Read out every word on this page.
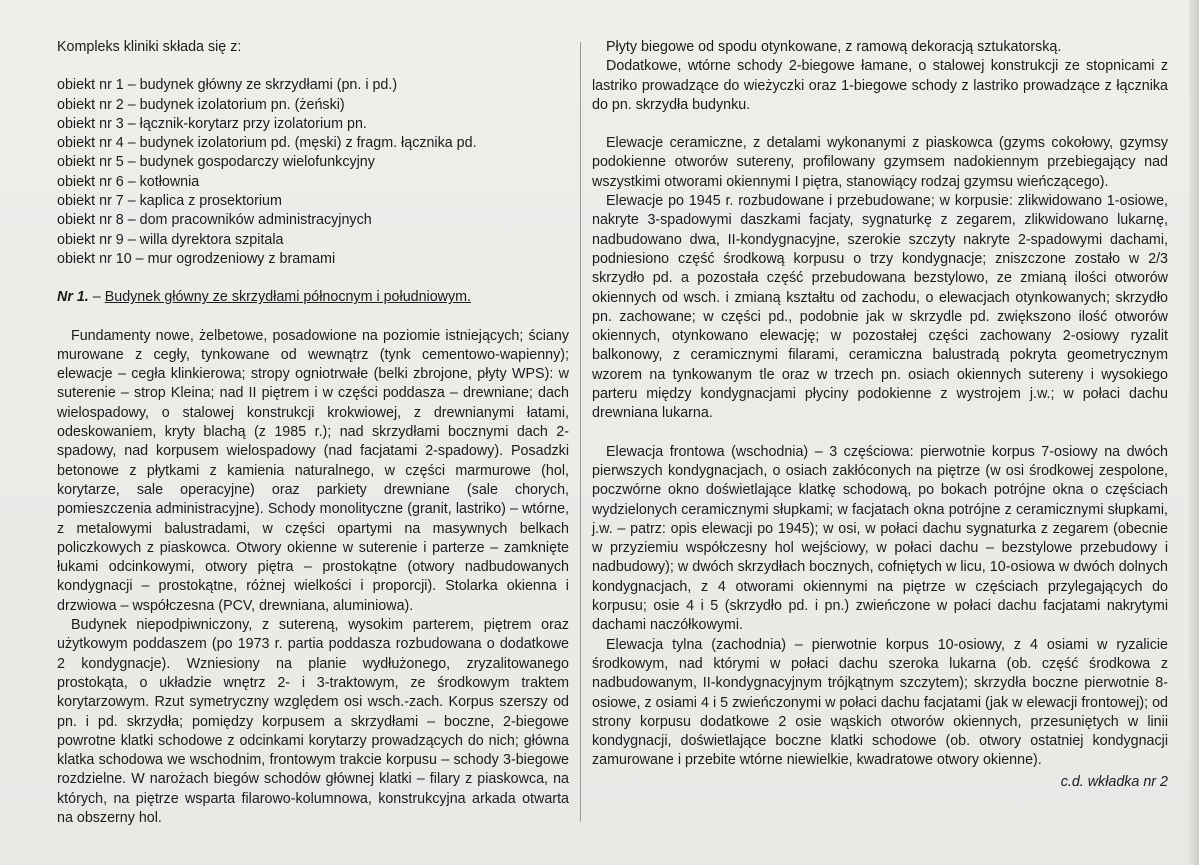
Kompleks kliniki składa się z:

obiekt nr 1 – budynek główny ze skrzydłami (pn. i pd.)

obiekt nr 2 – budynek izolatorium pn. (żeński)

obiekt nr 3 – łącznik-korytarz przy izolatorium pn.

obiekt nr 4 – budynek izolatorium pd. (męski) z fragm. łącznika pd.

obiekt nr 5 – budynek gospodarczy wielofunkcyjny

obiekt nr 6 – kotłownia

obiekt nr 7 – kaplica z prosektorium

obiekt nr 8 – dom pracowników administracyjnych

obiekt nr 9 – willa dyrektora szpitala

obiekt nr 10 – mur ogrodzeniowy z bramami

Nr 1. – Budynek główny ze skrzydłami północnym i południowym.

Fundamenty nowe, żelbetowe, posadowione na poziomie istniejących; ściany murowane z cegły, tynkowane od wewnątrz (tynk cementowo-wapienny); elewacje – cegła klinkierowa; stropy ogniotrwałe (belki zbrojone, płyty WPS): w suterenie – strop Kleina; nad II piętrem i w części poddasza – drewniane; dach wielospadowy, o stalowej konstrukcji krokwiowej, z drewnianymi łatami, odeskowaniem, kryty blachą (z 1985 r.); nad skrzydłami bocznymi dach 2-spadowy, nad korpusem wielospadowy (nad facjatami 2-spadowy). Posadzki betonowe z płytkami z kamienia naturalnego, w części marmurowe (hol, korytarze, sale operacyjne) oraz parkiety drewniane (sale chorych, pomieszczenia administracyjne). Schody monolityczne (granit, lastriko) – wtórne, z metalowymi balustradami, w części opartymi na masywnych belkach policzkowych z piaskowca. Otwory okienne w suterenie i parterze – zamknięte łukami odcinkowymi, otwory piętra – prostokątne (otwory nadbudowanych kondygnacji – prostokątne, różnej wielkości i proporcji). Stolarka okienna i drzwiowa – współczesna (PCV, drewniana, aluminiowa).

Budynek niepodpiwniczony, z sutereną, wysokim parterem, piętrem oraz użytkowym poddaszem (po 1973 r. partia poddasza rozbudowana o dodatkowe 2 kondygnacje). Wzniesiony na planie wydłużonego, zryzalitowanego prostokąta, o układzie wnętrz 2- i 3-traktowym, ze środkowym traktem korytarzowym. Rzut symetryczny względem osi wsch.-zach. Korpus szerszy od pn. i pd. skrzydła; pomiędzy korpusem a skrzydłami – boczne, 2-biegowe powrotne klatki schodowe z odcinkami korytarzy prowadzących do nich; główna klatka schodowa we wschodnim, frontowym trakcie korpusu – schody 3-biegowe rozdzielne. W narożach biegów schodów głównej klatki – filary z piaskowca, na których, na piętrze wsparta filarowo-kolumnowa, konstrukcyjna arkada otwarta na obszerny hol.

Płyty biegowe od spodu otynkowane, z ramową dekoracją sztukatorską.

Dodatkowe, wtórne schody 2-biegowe łamane, o stalowej konstrukcji ze stopnicami z lastriko prowadzące do wieżyczki oraz 1-biegowe schody z lastriko prowadzące z łącznika do pn. skrzydła budynku.

Elewacje ceramiczne, z detalami wykonanymi z piaskowca (gzyms cokołowy, gzymsy podokienne otworów sutereny, profilowany gzymsem nadokiennym przebiegający nad wszystkimi otworami okiennymi I piętra, stanowiący rodzaj gzymsu wieńczącego).

Elewacje po 1945 r. rozbudowane i przebudowane; w korpusie: zlikwidowano 1-osiowe, nakryte 3-spadowymi daszkami facjaty, sygnaturkę z zegarem, zlikwidowano lukarnę, nadbudowano dwa, II-kondygnacyjne, szerokie szczyty nakryte 2-spadowymi dachami, podniesiono część środkową korpusu o trzy kondygnacje; zniszczone zostało w 2/3 skrzydło pd. a pozostała część przebudowana bezstylowo, ze zmianą ilości otworów okiennych od wsch. i zmianą kształtu od zachodu, o elewacjach otynkowanych; skrzydło pn. zachowane; w części pd., podobnie jak w skrzydle pd. zwiększono ilość otworów okiennych, otynkowano elewację; w pozostałej części zachowany 2-osiowy ryzalit balkonowy, z ceramicznymi filarami, ceramiczna balustradą pokryta geometrycznym wzorem na tynkowanym tle oraz w trzech pn. osiach okiennych sutereny i wysokiego parteru między kondygnacjami płyciny podokienne z wystrojem j.w.; w połaci dachu drewniana lukarna.

Elewacja frontowa (wschodnia) – 3 częściowa: pierwotnie korpus 7-osiowy na dwóch pierwszych kondygnacjach, o osiach zakłóconych na piętrze (w osi środkowej zespolone, poczwórne okno doświetlające klatkę schodową, po bokach potrójne okna o częściach wydzielonych ceramicznymi słupkami; w facjatach okna potrójne z ceramicznymi słupkami, j.w. – patrz: opis elewacji po 1945); w osi, w połaci dachu sygnaturka z zegarem (obecnie w przyziemiu współczesny hol wejściowy, w połaci dachu – bezstylowe przebudowy i nadbudowy); w dwóch skrzydłach bocznych, cofniętych w licu, 10-osiowa w dwóch dolnych kondygnacjach, z 4 otworami okiennymi na piętrze w częściach przylegających do korpusu; osie 4 i 5 (skrzydło pd. i pn.) zwieńczone w połaci dachu facjatami nakrytymi dachami naczółkowymi.

Elewacja tylna (zachodnia) – pierwotnie korpus 10-osiowy, z 4 osiami w ryzalicie środkowym, nad którymi w połaci dachu szeroka lukarna (ob. część środkowa z nadbudowanym, II-kondygnacyjnym trójkątnym szczytem); skrzydła boczne pierwotnie 8-osiowe, z osiami 4 i 5 zwieńczonymi w połaci dachu facjatami (jak w elewacji frontowej); od strony korpusu dodatkowe 2 osie wąskich otworów okiennych, przesuniętych w linii kondygnacji, doświetlające boczne klatki schodowe (ob. otwory ostatniej kondygnacji zamurowane i przebite wtórne niewielkie, kwadratowe otwory okienne).

c.d. wkładka nr 2
